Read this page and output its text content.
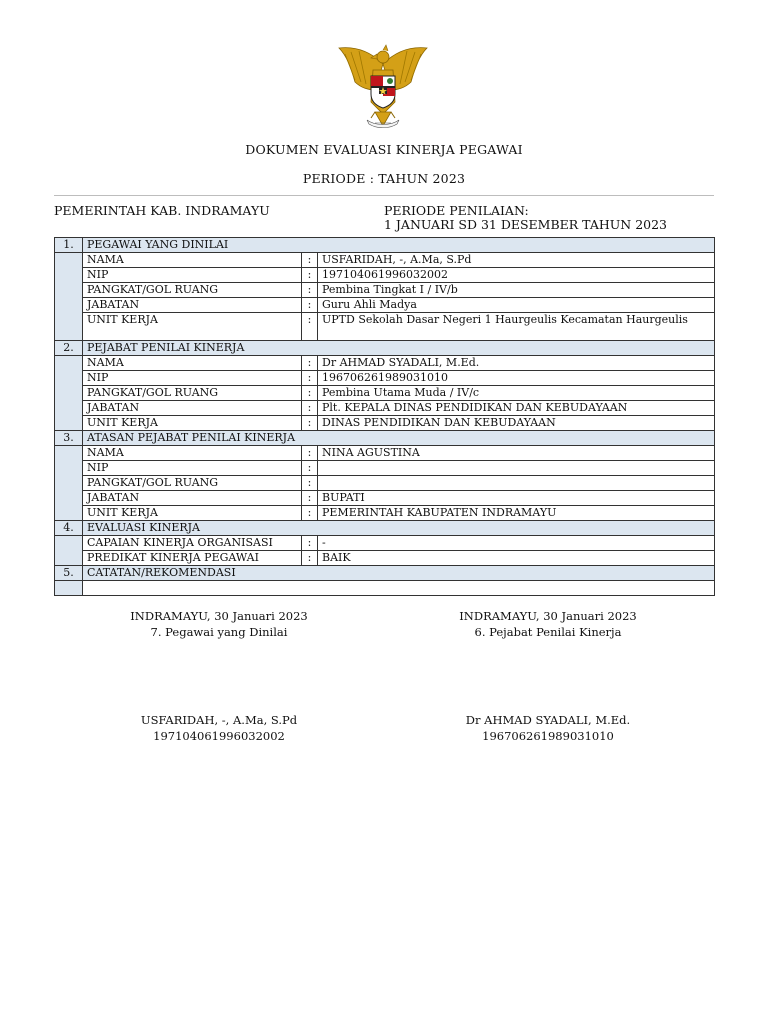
DOKUMEN EVALUASI KINERJA PEGAWAI
PERIODE : TAHUN 2023
PEMERINTAH KAB. INDRAMAYU	PERIODE PENILAIAN:
1 JANUARI SD 31 DESEMBER TAHUN 2023
1.	PEGAWAI YANG DINILAI		
	NAMA	:	USFARIDAH, -, A.Ma, S.Pd
	NIP	:	197104061996032002
	PANGKAT/GOL RUANG	:	Pembina Tingkat I / IV/b
	JABATAN	:	Guru Ahli Madya
	UNIT KERJA	:	UPTD Sekolah Dasar Negeri 1 Haurgeulis Kecamatan Haurgeulis
2.	PEJABAT PENILAI KINERJA		
	NAMA	:	Dr AHMAD SYADALI, M.Ed.
	NIP	:	196706261989031010
	PANGKAT/GOL RUANG	:	Pembina Utama Muda / IV/c
	JABATAN	:	Plt. KEPALA DINAS PENDIDIKAN DAN KEBUDAYAAN
	UNIT KERJA	:	DINAS PENDIDIKAN DAN KEBUDAYAAN
3.	ATASAN PEJABAT PENILAI KINERJA		
	NAMA	:	NINA AGUSTINA
	NIP	:	
	PANGKAT/GOL RUANG	:	
	JABATAN	:	BUPATI
	UNIT KERJA	:	PEMERINTAH KABUPATEN INDRAMAYU
4.	EVALUASI KINERJA		
	CAPAIAN KINERJA ORGANISASI	:	-
	PREDIKAT KINERJA PEGAWAI	:	BAIK
5.	CATATAN/REKOMENDASI		

INDRAMAYU, 30 Januari 2023
7. Pegawai yang Dinilai
INDRAMAYU, 30 Januari 2023
6. Pejabat Penilai Kinerja
USFARIDAH, -, A.Ma, S.Pd
197104061996032002
Dr AHMAD SYADALI, M.Ed.
196706261989031010
